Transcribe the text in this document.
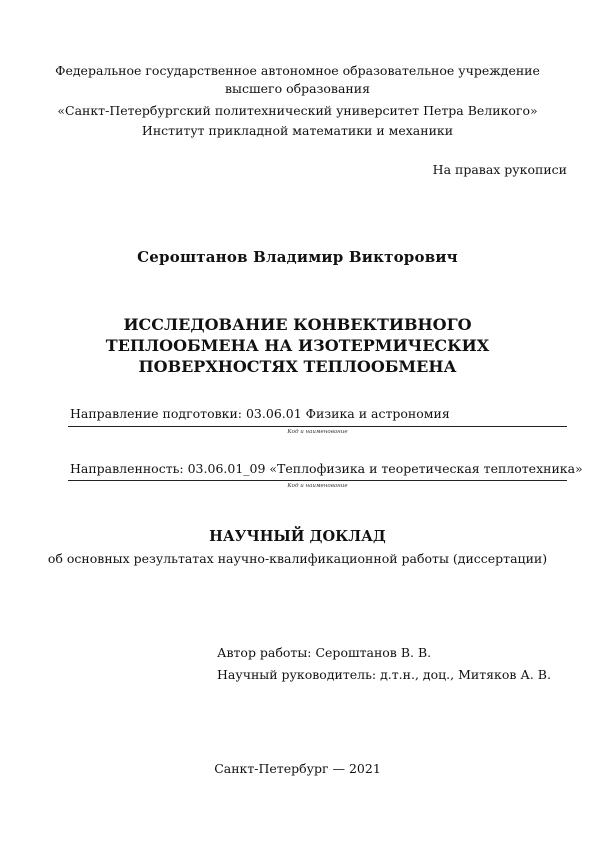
Федеральное государственное автономное образовательное учреждение
высшего образования
«Санкт-Петербургский политехнический университет Петра Великого»
Институт прикладной математики и механики
На правах рукописи
Сероштанов Владимир Викторович
ИССЛЕДОВАНИЕ КОНВЕКТИВНОГО
ТЕПЛООБМЕНА НА ИЗОТЕРМИЧЕСКИХ
ПОВЕРХНОСТЯХ ТЕПЛООБМЕНА
Направление подготовки: 03.06.01 Физика и астрономия
Код и наименование
Направленность: 03.06.01_09 «Теплофизика и теоретическая теплотехника»
Код и наименование
НАУЧНЫЙ ДОКЛАД
об основных результатах научно-квалификационной работы (диссертации)
Автор работы: Сероштанов В. В.
Научный руководитель: д.т.н., доц., Митяков А. В.
Санкт-Петербург — 2021
